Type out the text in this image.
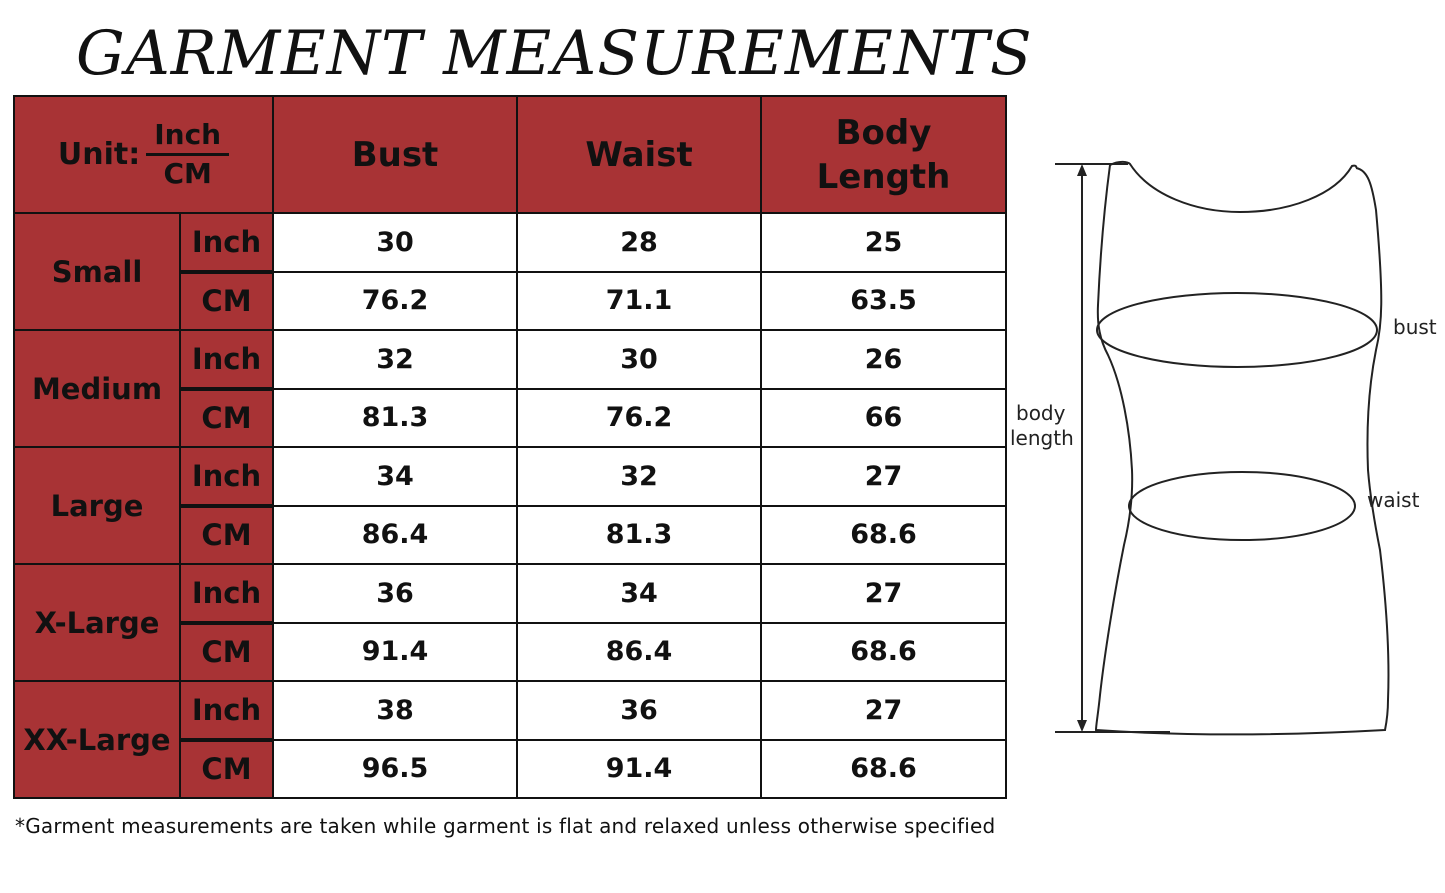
GARMENT MEASUREMENTS
Unit: $\frac{\text{Inch}}{CM}$		Bust	Waist	Body
Length
Small	Inch	30	28	25
	CM	76.2	71.1	63.5
Medium	Inch	32	30	26
	CM	81.3	76.2	66
Large	Inch	34	32	27
	CM	86.4	81.3	68.6
X-Large	Inch	36	34	27
	CM	91.4	86.4	68.6
XX-Large	Inch	38	36	27
	CM	96.5	91.4	68.6
bust
waist
body
length
*Garment measurements are taken while garment is flat and relaxed unless otherwise specified
